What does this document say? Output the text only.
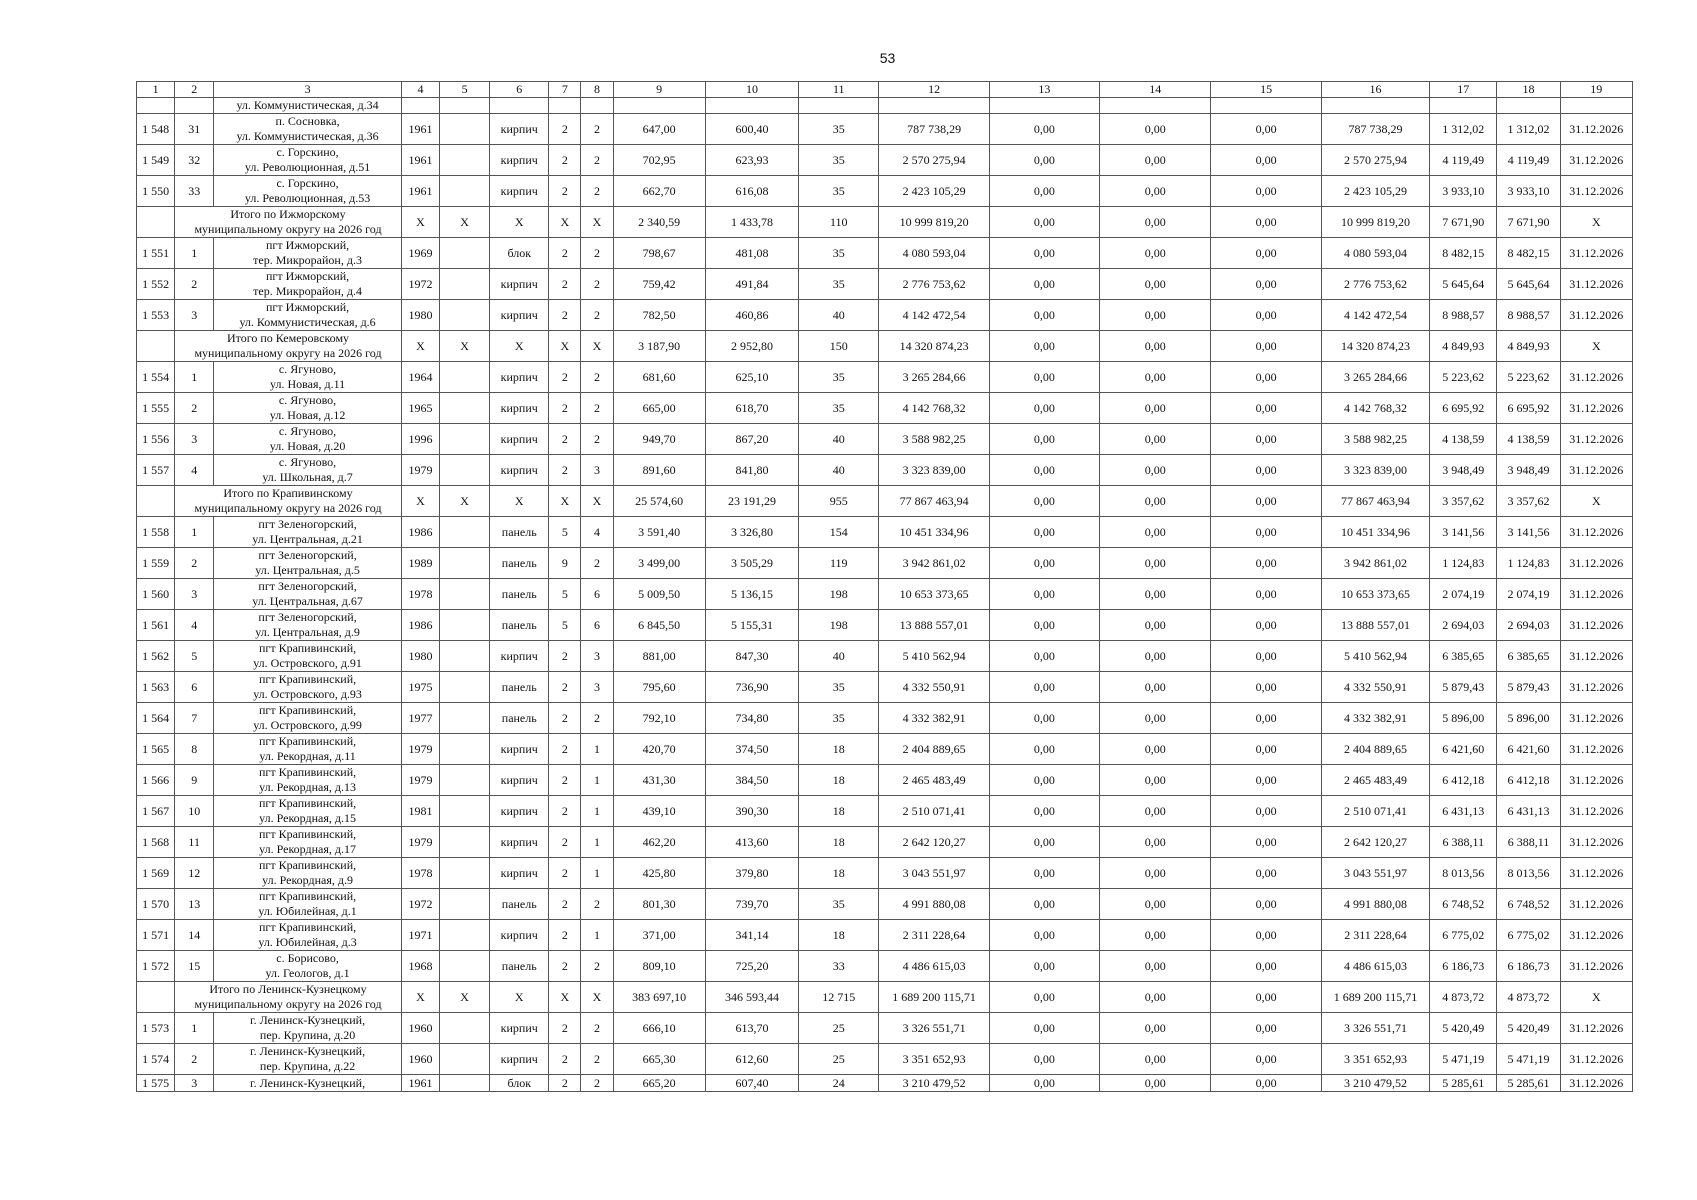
53
1	2	3	4	5	6	7	8	9	10	11	12	13	14	15	16	17	18	19
		ул. Коммунистическая, д.34																
1 548	31	п. Сосновка,
ул. Коммунистическая, д.36	1961		кирпич	2	2	647,00	600,40	35	787 738,29	0,00	0,00	0,00	787 738,29	1 312,02	1 312,02	31.12.2026
1 549	32	с. Горскино,
ул. Революционная, д.51	1961		кирпич	2	2	702,95	623,93	35	2 570 275,94	0,00	0,00	0,00	2 570 275,94	4 119,49	4 119,49	31.12.2026
1 550	33	с. Горскино,
ул. Революционная, д.53	1961		кирпич	2	2	662,70	616,08	35	2 423 105,29	0,00	0,00	0,00	2 423 105,29	3 933,10	3 933,10	31.12.2026

	Итого по Ижморскому
муниципальному округу на 2026 год		X	X	X	X	X	2 340,59	1 433,78	110	10 999 819,20	0,00	0,00	0,00	10 999 819,20	7 671,90	7 671,90	X
1 551	1	пгт Ижморский,
тер. Микрорайон, д.3	1969		блок	2	2	798,67	481,08	35	4 080 593,04	0,00	0,00	0,00	4 080 593,04	8 482,15	8 482,15	31.12.2026
1 552	2	пгт Ижморский,
тер. Микрорайон, д.4	1972		кирпич	2	2	759,42	491,84	35	2 776 753,62	0,00	0,00	0,00	2 776 753,62	5 645,64	5 645,64	31.12.2026
1 553	3	пгт Ижморский,
ул. Коммунистическая, д.6	1980		кирпич	2	2	782,50	460,86	40	4 142 472,54	0,00	0,00	0,00	4 142 472,54	8 988,57	8 988,57	31.12.2026

	Итого по Кемеровскому
муниципальному округу на 2026 год		X	X	X	X	X	3 187,90	2 952,80	150	14 320 874,23	0,00	0,00	0,00	14 320 874,23	4 849,93	4 849,93	X
1 554	1	с. Ягуново,
ул. Новая, д.11	1964		кирпич	2	2	681,60	625,10	35	3 265 284,66	0,00	0,00	0,00	3 265 284,66	5 223,62	5 223,62	31.12.2026
1 555	2	с. Ягуново,
ул. Новая, д.12	1965		кирпич	2	2	665,00	618,70	35	4 142 768,32	0,00	0,00	0,00	4 142 768,32	6 695,92	6 695,92	31.12.2026
1 556	3	с. Ягуново,
ул. Новая, д.20	1996		кирпич	2	2	949,70	867,20	40	3 588 982,25	0,00	0,00	0,00	3 588 982,25	4 138,59	4 138,59	31.12.2026
1 557	4	с. Ягуново,
ул. Школьная, д.7	1979		кирпич	2	3	891,60	841,80	40	3 323 839,00	0,00	0,00	0,00	3 323 839,00	3 948,49	3 948,49	31.12.2026

	Итого по Крапивинскому
муниципальному округу на 2026 год		X	X	X	X	X	25 574,60	23 191,29	955	77 867 463,94	0,00	0,00	0,00	77 867 463,94	3 357,62	3 357,62	X
1 558	1	пгт Зеленогорский,
ул. Центральная, д.21	1986		панель	5	4	3 591,40	3 326,80	154	10 451 334,96	0,00	0,00	0,00	10 451 334,96	3 141,56	3 141,56	31.12.2026
1 559	2	пгт Зеленогорский,
ул. Центральная, д.5	1989		панель	9	2	3 499,00	3 505,29	119	3 942 861,02	0,00	0,00	0,00	3 942 861,02	1 124,83	1 124,83	31.12.2026
1 560	3	пгт Зеленогорский,
ул. Центральная, д.67	1978		панель	5	6	5 009,50	5 136,15	198	10 653 373,65	0,00	0,00	0,00	10 653 373,65	2 074,19	2 074,19	31.12.2026
1 561	4	пгт Зеленогорский,
ул. Центральная, д.9	1986		панель	5	6	6 845,50	5 155,31	198	13 888 557,01	0,00	0,00	0,00	13 888 557,01	2 694,03	2 694,03	31.12.2026
1 562	5	пгт Крапивинский,
ул. Островского, д.91	1980		кирпич	2	3	881,00	847,30	40	5 410 562,94	0,00	0,00	0,00	5 410 562,94	6 385,65	6 385,65	31.12.2026
1 563	6	пгт Крапивинский,
ул. Островского, д.93	1975		панель	2	3	795,60	736,90	35	4 332 550,91	0,00	0,00	0,00	4 332 550,91	5 879,43	5 879,43	31.12.2026
1 564	7	пгт Крапивинский,
ул. Островского, д.99	1977		панель	2	2	792,10	734,80	35	4 332 382,91	0,00	0,00	0,00	4 332 382,91	5 896,00	5 896,00	31.12.2026
1 565	8	пгт Крапивинский,
ул. Рекордная, д.11	1979		кирпич	2	1	420,70	374,50	18	2 404 889,65	0,00	0,00	0,00	2 404 889,65	6 421,60	6 421,60	31.12.2026
1 566	9	пгт Крапивинский,
ул. Рекордная, д.13	1979		кирпич	2	1	431,30	384,50	18	2 465 483,49	0,00	0,00	0,00	2 465 483,49	6 412,18	6 412,18	31.12.2026
1 567	10	пгт Крапивинский,
ул. Рекордная, д.15	1981		кирпич	2	1	439,10	390,30	18	2 510 071,41	0,00	0,00	0,00	2 510 071,41	6 431,13	6 431,13	31.12.2026
1 568	11	пгт Крапивинский,
ул. Рекордная, д.17	1979		кирпич	2	1	462,20	413,60	18	2 642 120,27	0,00	0,00	0,00	2 642 120,27	6 388,11	6 388,11	31.12.2026
1 569	12	пгт Крапивинский,
ул. Рекордная, д.9	1978		кирпич	2	1	425,80	379,80	18	3 043 551,97	0,00	0,00	0,00	3 043 551,97	8 013,56	8 013,56	31.12.2026
1 570	13	пгт Крапивинский,
ул. Юбилейная, д.1	1972		панель	2	2	801,30	739,70	35	4 991 880,08	0,00	0,00	0,00	4 991 880,08	6 748,52	6 748,52	31.12.2026
1 571	14	пгт Крапивинский,
ул. Юбилейная, д.3	1971		кирпич	2	1	371,00	341,14	18	2 311 228,64	0,00	0,00	0,00	2 311 228,64	6 775,02	6 775,02	31.12.2026
1 572	15	с. Борисово,
ул. Геологов, д.1	1968		панель	2	2	809,10	725,20	33	4 486 615,03	0,00	0,00	0,00	4 486 615,03	6 186,73	6 186,73	31.12.2026

	Итого по Ленинск-Кузнецкому
муниципальному округу на 2026 год		X	X	X	X	X	383 697,10	346 593,44	12 715	1 689 200 115,71	0,00	0,00	0,00	1 689 200 115,71	4 873,72	4 873,72	X
1 573	1	г. Ленинск-Кузнецкий,
пер. Крупина, д.20	1960		кирпич	2	2	666,10	613,70	25	3 326 551,71	0,00	0,00	0,00	3 326 551,71	5 420,49	5 420,49	31.12.2026
1 574	2	г. Ленинск-Кузнецкий,
пер. Крупина, д.22	1960		кирпич	2	2	665,30	612,60	25	3 351 652,93	0,00	0,00	0,00	3 351 652,93	5 471,19	5 471,19	31.12.2026
1 575	3	г. Ленинск-Кузнецкий,	1961		блок	2	2	665,20	607,40	24	3 210 479,52	0,00	0,00	0,00	3 210 479,52	5 285,61	5 285,61	31.12.2026
